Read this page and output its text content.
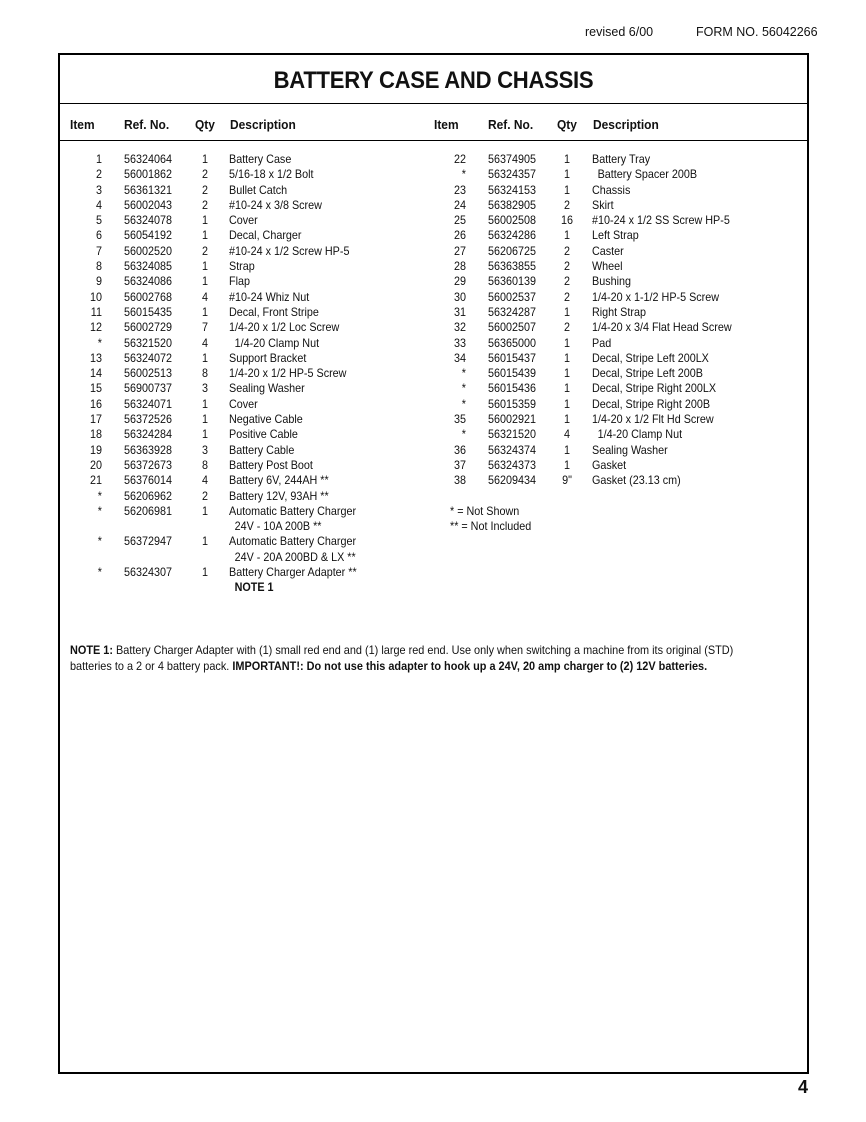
revised 6/00	FORM NO. 56042266
BATTERY CASE AND CHASSIS
Item Ref. No. Qty Description	Item Ref. No. Qty Description
1 56324064	1	Battery Case
2 56001862	2	5/16-18 x 1/2 Bolt
3 56361321	2	Bullet Catch
4 56002043	2	#10-24 x 3/8 Screw
5 56324078	1	Cover
6 56054192	1	Decal, Charger
7 56002520	2	#10-24 x 1/2 Screw HP-5
8 56324085	1	Strap
9 56324086	1	Flap
10 56002768	4	#10-24 Whiz Nut
11 56015435	1	Decal, Front Stripe
12 56002729	7	1/4-20 x 1/2 Loc Screw
* 56321520	4	1/4-20 Clamp Nut
13 56324072	1	Support Bracket
14 56002513	8	1/4-20 x 1/2 HP-5 Screw
15 56900737	3	Sealing Washer
16 56324071	1	Cover
17 56372526	1	Negative Cable
18 56324284	1	Positive Cable
19 56363928	3	Battery Cable
20 56372673	8	Battery Post Boot
21 56376014	4	Battery 6V, 244AH **
* 56206962	2	Battery 12V, 93AH **
* 56206981	1	Automatic Battery Charger
24V - 10A 200B **
* 56372947	1	Automatic Battery Charger
24V - 20A 200BD & LX **
* 56324307	1	Battery Charger Adapter **
NOTE 1
22 56374905	1	Battery Tray
* 56324357	1	Battery Spacer 200B
23 56324153	1	Chassis
24 56382905	2	Skirt
25 56002508 16 #10-24 x 1/2 SS Screw HP-5
26 56324286	1	Left Strap
27 56206725	2	Caster
28 56363855	2	Wheel
29 56360139	2	Bushing
30 56002537	2	1/4-20 x 1-1/2 HP-5 Screw
31 56324287	1	Right Strap
32 56002507	2	1/4-20 x 3/4 Flat Head Screw
33 56365000	1	Pad
34 56015437	1	Decal, Stripe Left 200LX
* 56015439	1	Decal, Stripe Left 200B
* 56015436	1	Decal, Stripe Right 200LX
* 56015359	1	Decal, Stripe Right 200B
35 56002921	1	1/4-20 x 1/2 Flt Hd Screw
* 56321520	4	1/4-20 Clamp Nut
36 56324374	1	Sealing Washer
37 56324373	1	Gasket
38 56209434	9"	Gasket (23.13 cm)
* = Not Shown
** = Not Included
NOTE 1: Battery Charger Adapter with (1) small red end and (1) large red end. Use only when switching a machine from its original (STD) batteries to a 2 or 4 battery pack. IMPORTANT!: Do not use this adapter to hook up a 24V, 20 amp charger to (2) 12V batteries.
4
